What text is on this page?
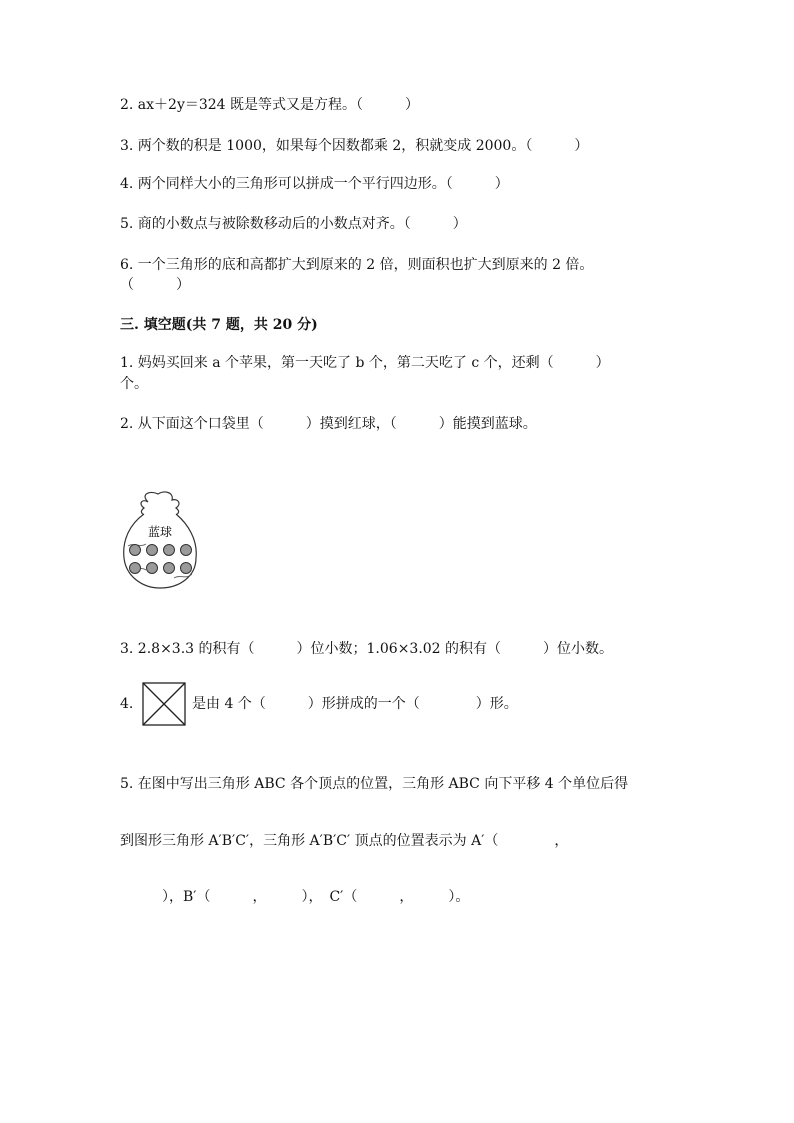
2. ax＋2y＝324 既是等式又是方程。（　　　）
3. 两个数的积是 1000，如果每个因数都乘 2，积就变成 2000。（　　　）
4. 两个同样大小的三角形可以拼成一个平行四边形。（　　　）
5. 商的小数点与被除数移动后的小数点对齐。（　　　）
6. 一个三角形的底和高都扩大到原来的 2 倍，则面积也扩大到原来的 2 倍。
（　　　）
三. 填空题(共 7 题，共 20 分)
1. 妈妈买回来 a 个苹果，第一天吃了 b 个，第二天吃了 c 个，还剩（　　　）
个。
2. 从下面这个口袋里（　　　）摸到红球，（　　　）能摸到蓝球。
蓝球
3. 2.8×3.3 的积有（　　　）位小数；1.06×3.02 的积有（　　　）位小数。
4.	是由 4 个（　　　）形拼成的一个（　　　　）形。
5. 在图中写出三角形 ABC 各个顶点的位置，三角形 ABC 向下平移 4 个单位后得
到图形三角形 A′B′C′，三角形 A′B′C′ 顶点的位置表示为 A′（　　　　，
　　　），B′（　　　，　　　），　C′（　　　，　　　）。
